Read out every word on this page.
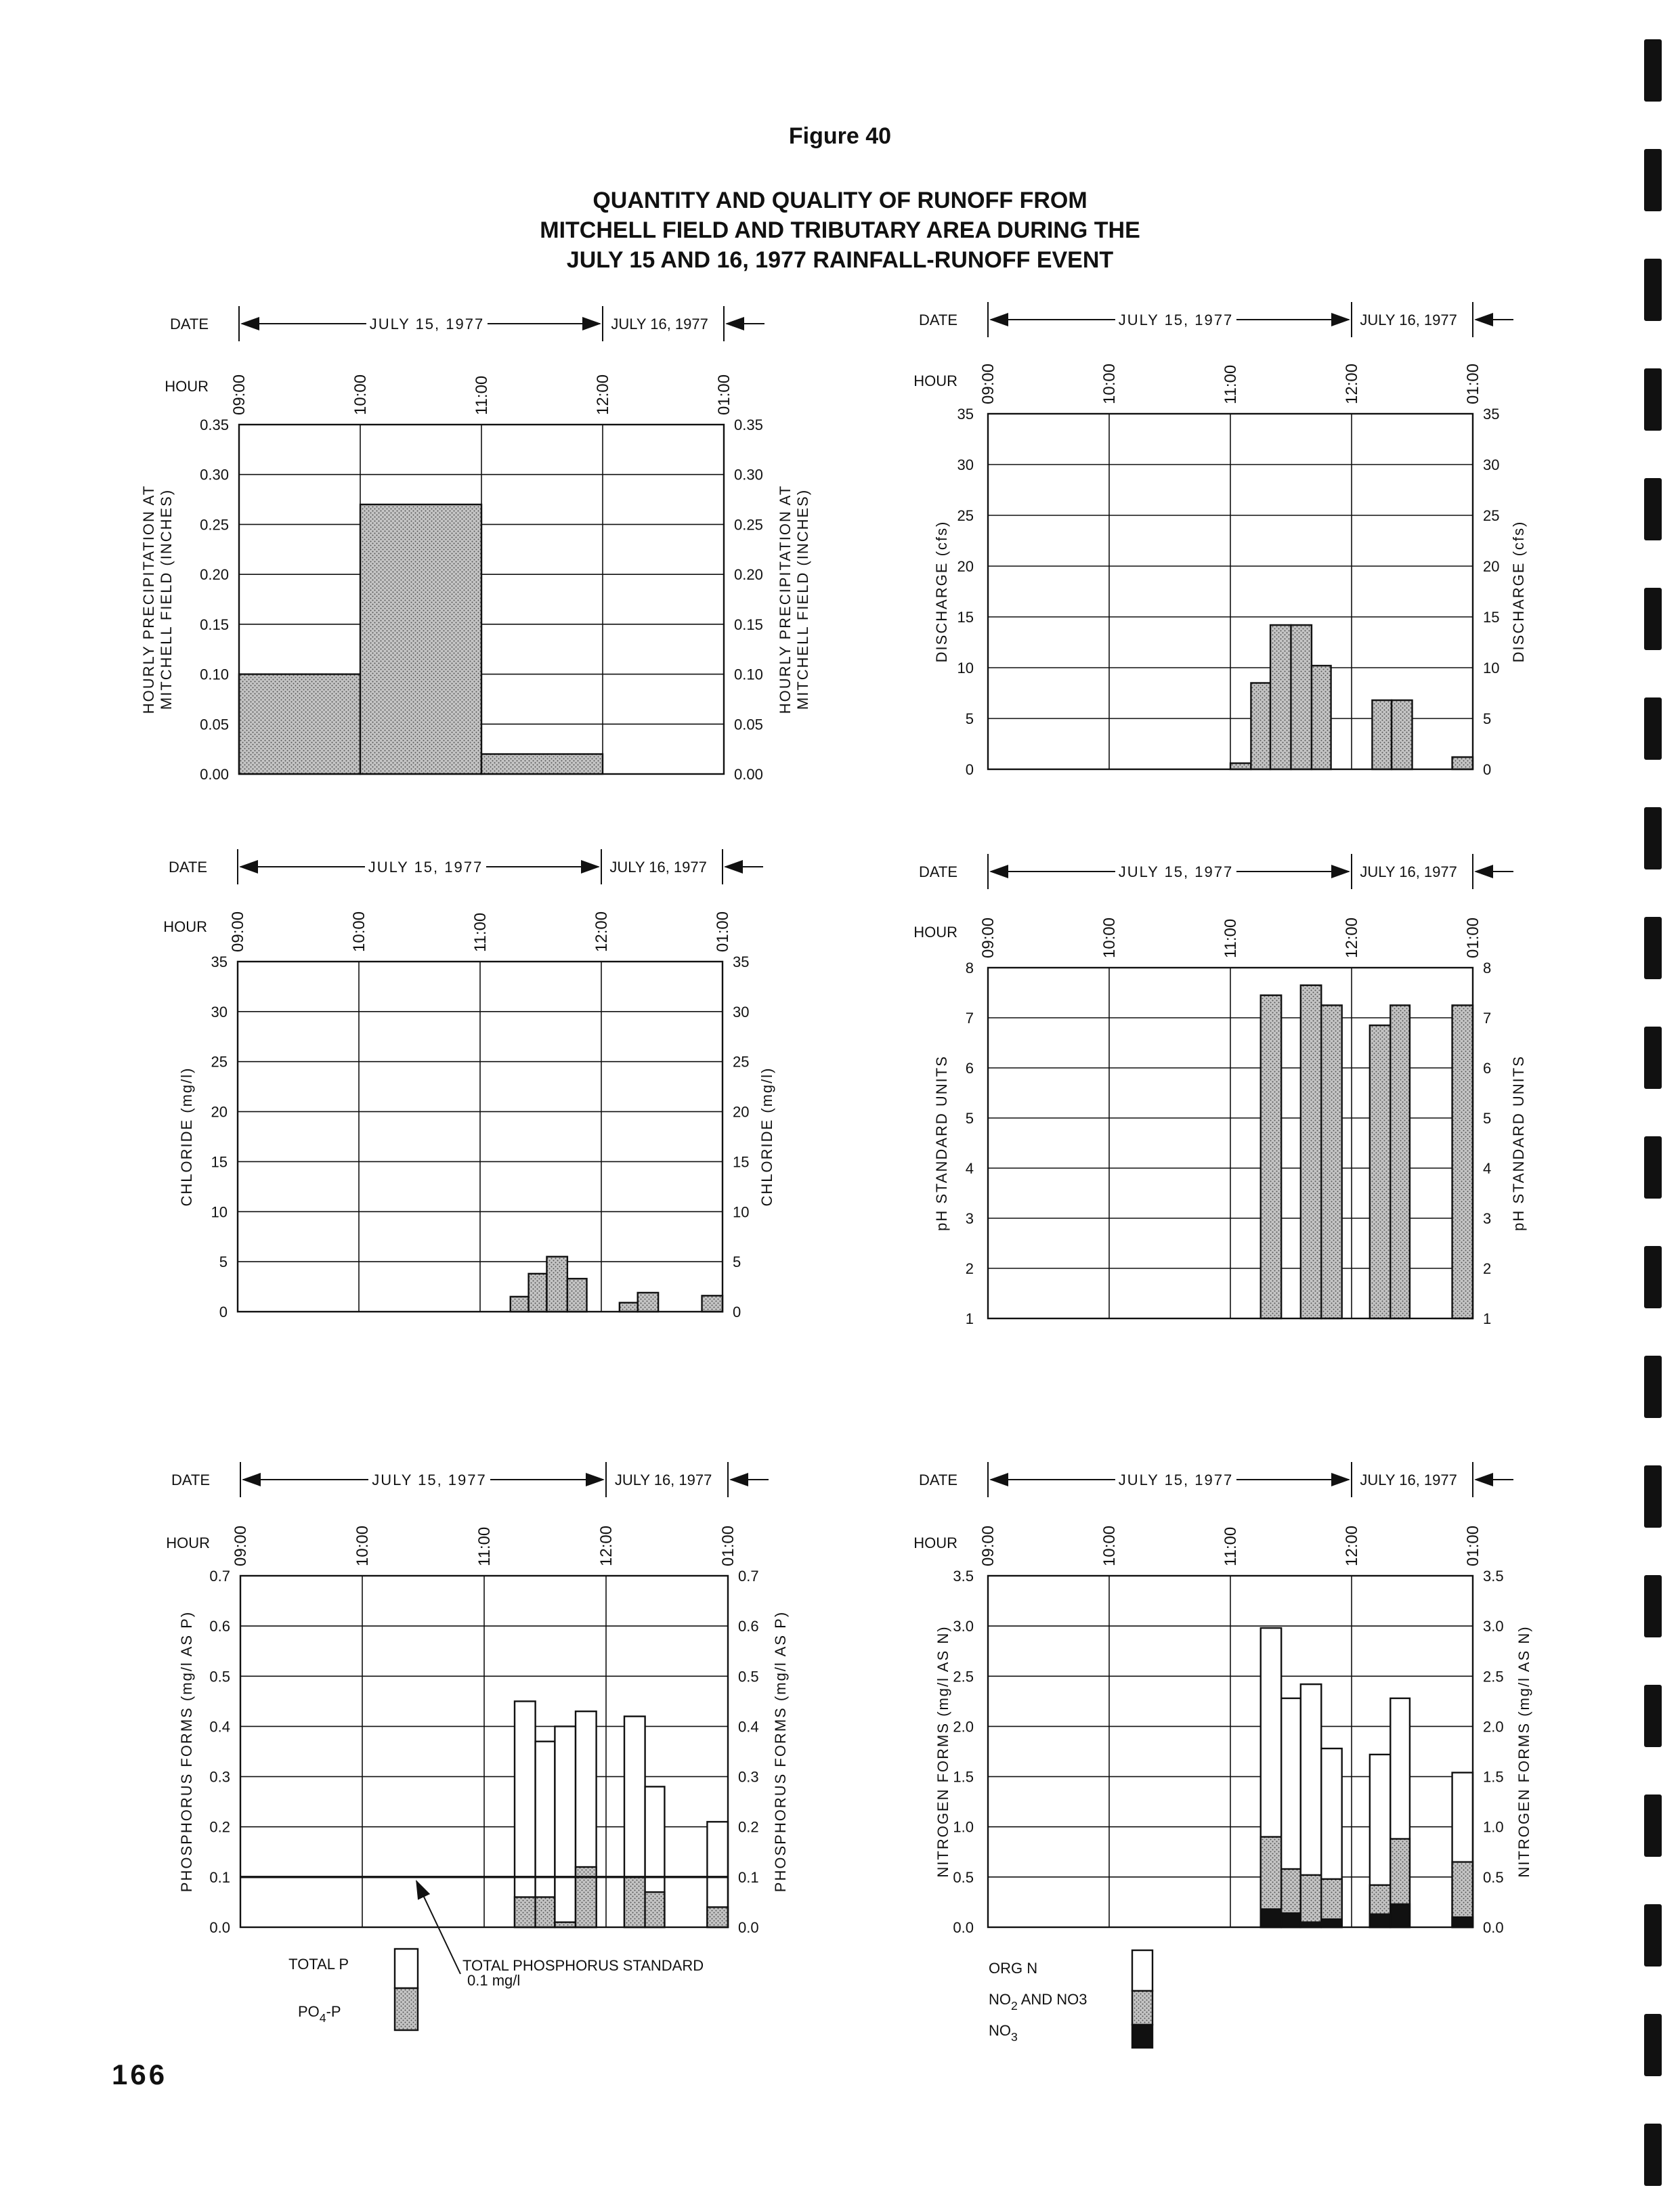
Figure 40
QUANTITY AND QUALITY OF RUNOFF FROM
MITCHELL FIELD AND TRIBUTARY AREA DURING THE
JULY 15 AND 16, 1977 RAINFALL-RUNOFF EVENT
0.00	0.00
0.05	0.05
0.10	0.10
0.15	0.15
0.20	0.20
0.25	0.25
0.30	0.30
0.35	0.35
HOURLY PRECIPITATION AT MITCHELL FIELD (INCHES)	HOURLY PRECIPITATION AT MITCHELL FIELD (INCHES)
DATE	JULY 15, 1977	JULY 16, 1977
HOUR 09:00	10:00	11:00	12:00	01:00
0	0
5	5
10	10
15	15
20	20
25	25
30	30
35	35
DISCHARGE (cfs)	DISCHARGE (cfs)
DATE	JULY 15, 1977	JULY 16, 1977
HOUR 09:00	10:00	11:00	12:00	01:00
0	0
5	5
10	10
15	15
20	20
25	25
30	30
35	35
CHLORIDE (mg/l)	CHLORIDE (mg/l)
DATE	JULY 15, 1977	JULY 16, 1977
HOUR 09:00	10:00	11:00	12:00	01:00
1	1
2	2
3	3
4	4
5	5
6	6
7	7
8	8
pH STANDARD UNITS	pH STANDARD UNITS
DATE	JULY 15, 1977	JULY 16, 1977
HOUR 09:00	10:00	11:00	12:00	01:00
TOTAL PHOSPHORUS STANDARD
0.1 mg/l
0.0	0.0
0.1	0.1
0.2	0.2
0.3	0.3
0.4	0.4
0.5	0.5
0.6	0.6
0.7	0.7
PHOSPHORUS FORMS (mg/l AS P)	PHOSPHORUS FORMS (mg/l AS P)
DATE	JULY 15, 1977	JULY 16, 1977
HOUR 09:00	10:00	11:00	12:00	01:00
0.0	0.0
0.5	0.5
1.0	1.0
1.5	1.5
2.0	2.0
2.5	2.5
3.0	3.0
3.5	3.5
NITROGEN FORMS (mg/l AS N)	NITROGEN FORMS (mg/l AS N)
DATE	JULY 15, 1977	JULY 16, 1977
HOUR 09:00	10:00	11:00	12:00	01:00
TOTAL P
$PO_4-P$
ORG N
$NO_2$ AND NO3
$NO_3$
166
